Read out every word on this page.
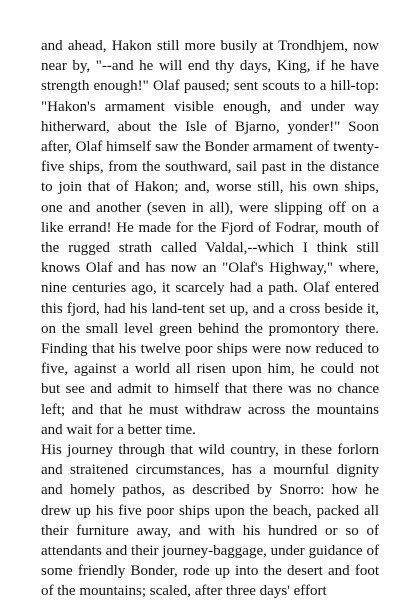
and ahead, Hakon still more busily at Trondhjem, now near by, "--and he will end thy days, King, if he have strength enough!" Olaf paused; sent scouts to a hill-top: "Hakon's armament visible enough, and under way hitherward, about the Isle of Bjarno, yonder!" Soon after, Olaf himself saw the Bonder armament of twenty-five ships, from the southward, sail past in the distance to join that of Hakon; and, worse still, his own ships, one and another (seven in all), were slipping off on a like errand! He made for the Fjord of Fodrar, mouth of the rugged strath called Valdal,--which I think still knows Olaf and has now an "Olaf's Highway," where, nine centuries ago, it scarcely had a path. Olaf entered this fjord, had his land-tent set up, and a cross beside it, on the small level green behind the promontory there. Finding that his twelve poor ships were now reduced to five, against a world all risen upon him, he could not but see and admit to himself that there was no chance left; and that he must withdraw across the mountains and wait for a better time.

His journey through that wild country, in these forlorn and straitened circumstances, has a mournful dignity and homely pathos, as described by Snorro: how he drew up his five poor ships upon the beach, packed all their furniture away, and with his hundred or so of attendants and their journey-baggage, under guidance of some friendly Bonder, rode up into the desert and foot of the mountains; scaled, after three days' effort
